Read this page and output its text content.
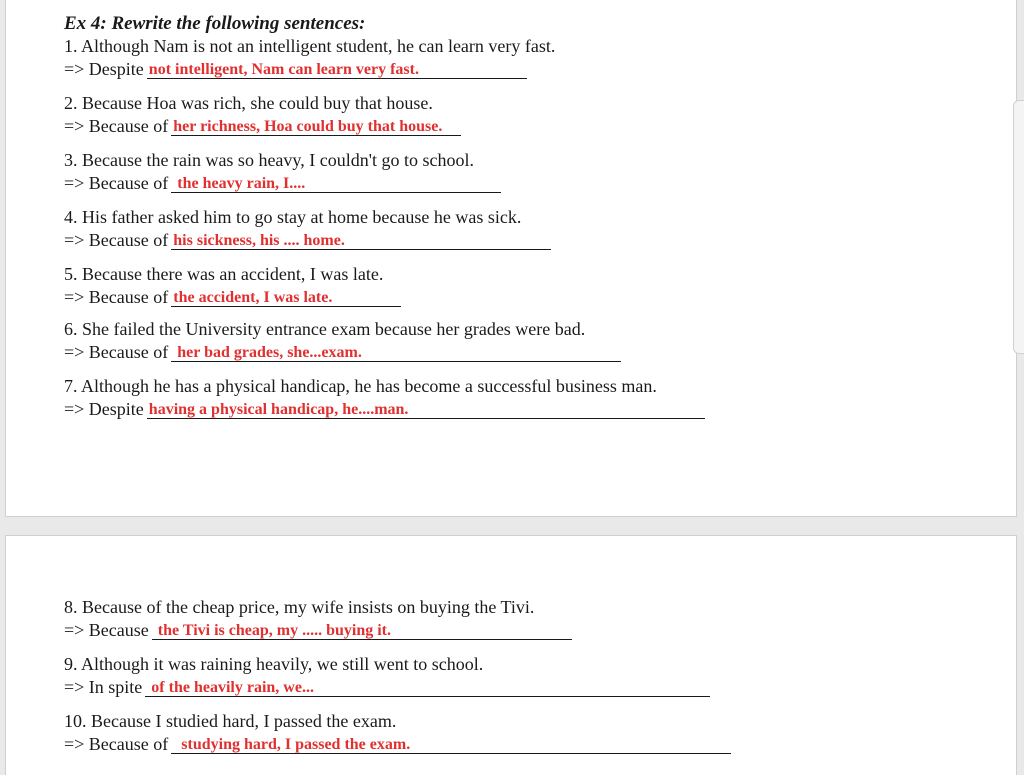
Ex 4: Rewrite the following sentences:
1. Although Nam is not an intelligent student, he can learn very fast.
=> Despite not intelligent, Nam can learn very fast.
2. Because Hoa was rich, she could buy that house.
=> Because of her richness, Hoa could buy that house.
3. Because the rain was so heavy, I couldn't go to school.
=> Because of the heavy rain, I....
4. His father asked him to go stay at home because he was sick.
=> Because of his sickness, his .... home.
5. Because there was an accident, I was late.
=> Because of the accident, I was late.
6. She failed the University entrance exam because her grades were bad.
=> Because of her bad grades, she...exam.
7. Although he has a physical handicap, he has become a successful business man.
=> Despite having a physical handicap, he....man.
8. Because of the cheap price, my wife insists on buying the Tivi.
=> Because the Tivi is cheap, my ..... buying it.
9. Although it was raining heavily, we still went to school.
=> In spite of the heavily rain, we...
10. Because I studied hard, I passed the exam.
=> Because of studying hard, I passed the exam.
